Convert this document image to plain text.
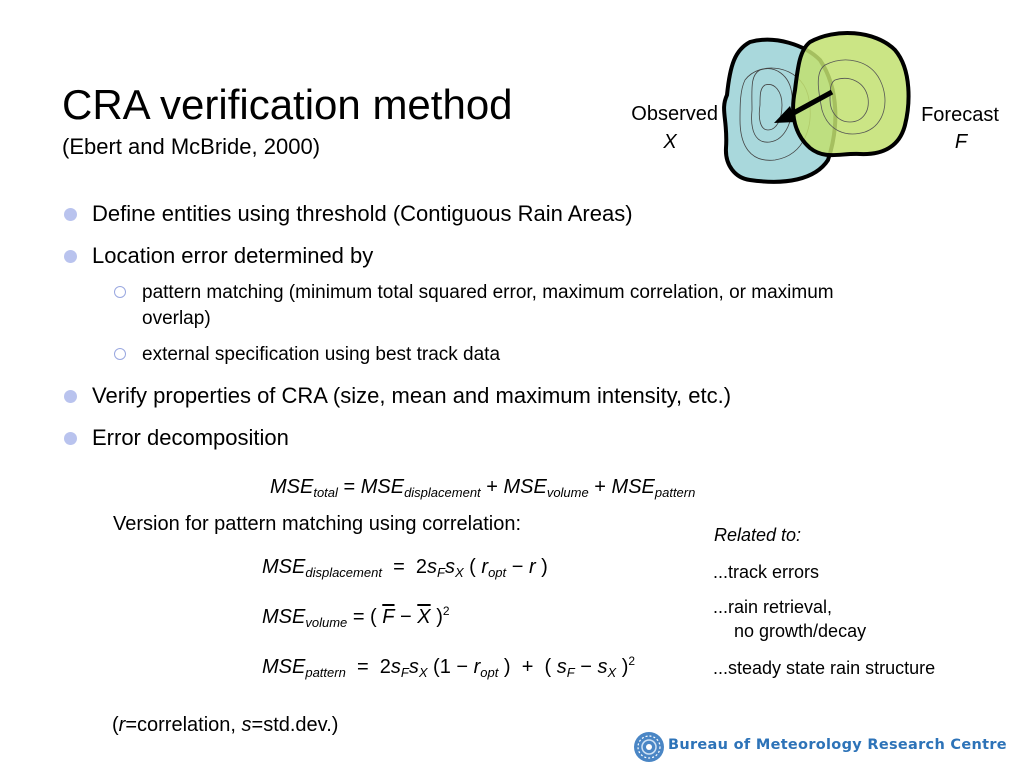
CRA verification method
(Ebert and McBride, 2000)
Observed
X
Forecast
F
Define entities using threshold (Contiguous Rain Areas)
Location error determined by
pattern matching (minimum total squared error, maximum correlation, or maximum overlap)
external specification using best track data
Verify properties of CRA (size, mean and maximum intensity, etc.)
Error decomposition
$MSE_{total} = MSE_{displacement} + MSE_{volume} + MSE_{pattern}$
Version for pattern matching using correlation:
$MSE_{displacement} = 2s_Fs_X$ ( $r_{opt} - r$ )
$MSE_{volume}$ = ( $\overline{F} - \overline{X}$ )$^2$
$MSE_{pattern} = 2s_Fs_X$ ($1 - r_{opt}$ )  +  ( $s_F - s_X$ )$^2$
Related to:
...track errors
...rain retrieval,
no growth/decay
...steady state rain structure
(r=correlation, s=std.dev.)
Bureau of Meteorology Research Centre
